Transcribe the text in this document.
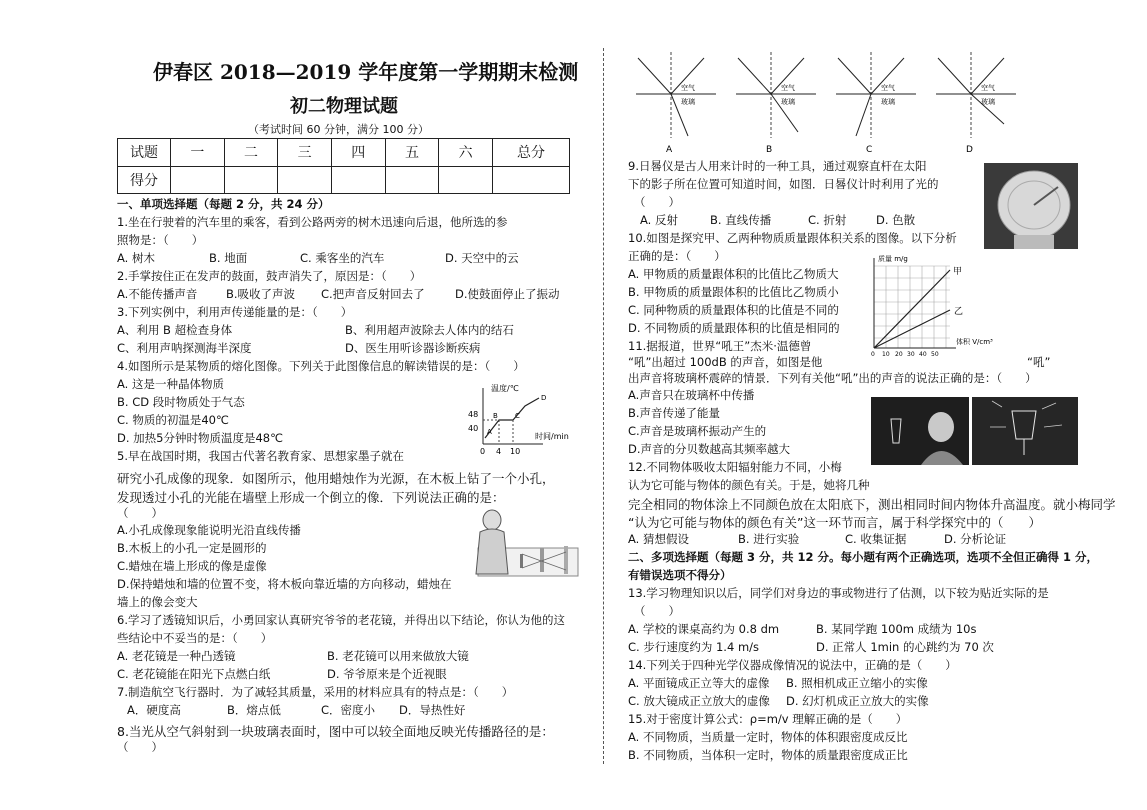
伊春区 2018—2019 学年度第一学期期末检测
初二物理试题
（考试时间 60 分钟，满分 100 分）
试题	一	二	三	四	五	六	总分
得分							
一、单项选择题（每题 2 分，共 24 分）
1.坐在行驶着的汽车里的乘客，看到公路两旁的树木迅速向后退，他所选的参
照物是：（　　）
A. 树木	B. 地面	C. 乘客坐的汽车	D. 天空中的云
2.手掌按住正在发声的鼓面，鼓声消失了，原因是：（　　）
A.不能传播声音 B.吸收了声波 C.把声音反射回去了	D.使鼓面停止了振动
3.下列实例中，利用声传递能量的是：（　　）
A、利用 B 超检查身体	B、利用超声波除去人体内的结石
C、利用声呐探测海半深度	D、医生用听诊器诊断疾病
4.如图所示是某物质的熔化图像。下列关于此图像信息的解读错误的是：（　　）
A. 这是一种晶体物质
B. CD 段时物质处于气态
C. 物质的初温是40℃
D. 加热5分钟时物质温度是48℃
温度/℃
48
40
0 4 10
时间/min
B C
D
A
5.早在战国时期，我国古代著名教育家、思想家墨子就在
研究小孔成像的现象．如图所示，他用蜡烛作为光源，在木板上钻了一个小孔，
发现透过小孔的光能在墙壁上形成一个倒立的像．下列说法正确的是：
（　　）
A.小孔成像现象能说明光沿直线传播
B.木板上的小孔一定是圆形的
C.蜡烛在墙上形成的像是虚像
D.保持蜡烛和墙的位置不变，将木板向靠近墙的方向移动，蜡烛在
墙上的像会变大
6.学习了透镜知识后，小勇回家认真研究爷爷的老花镜，并得出以下结论，你认为他的这
些结论中不妥当的是：（　　）
A. 老花镜是一种凸透镜	B. 老花镜可以用来做放大镜
C. 老花镜能在阳光下点燃白纸	D. 爷爷原来是个近视眼
7.制造航空飞行器时．为了减轻其质量，采用的材料应具有的特点是：（　　）
A．硬度高	B．熔点低	C．密度小 D．导热性好
8.当光从空气斜射到一块玻璃表面时，图中可以较全面地反映光传播路径的是：
（　　）
空气
玻璃
A
空气
玻璃
B
空气
玻璃
C
空气
玻璃
D
9.日晷仪是古人用来计时的一种工具，通过观察直杆在太阳
下的影子所在位置可知道时间，如图．日晷仪计时利用了光的
（　　）
A. 反射	B. 直线传播	C. 折射	D. 色散
10.如图是探究甲、乙两种物质质量跟体积关系的图像。以下分析
正确的是：（　　）
A. 甲物质的质量跟体积的比值比乙物质大
B. 甲物质的质量跟体积的比值比乙物质小
C. 同种物质的质量跟体积的比值是不同的
D. 不同物质的质量跟体积的比值是相同的
质量 m/g
甲
乙
体积 V/cm³
0 10 20 30 40 50
11.据报道，世界“吼王”杰米·温德曾
“吼”出超过 100dB 的声音，如图是他	“吼”
出声音将玻璃杯震碎的情景．下列有关他“吼”出的声音的说法正确的是：（　　）
A.声音只在玻璃杯中传播
B.声音传递了能量
C.声音是玻璃杯振动产生的
D.声音的分贝数越高其频率越大
12.不同物体吸收太阳辐射能力不同，小梅
认为它可能与物体的颜色有关。于是，她将几种
完全相同的物体涂上不同颜色放在太阳底下，测出相同时间内物体升高温度。就小梅同学
“认为它可能与物体的颜色有关”这一环节而言，属于科学探究中的（　　）
A. 猜想假设	B. 进行实验	C. 收集证据	D. 分析论证
二、多项选择题（每题 3 分，共 12 分。每小题有两个正确选项，选项不全但正确得 1 分，
有错误选项不得分）
13.学习物理知识以后，同学们对身边的事或物进行了估测，以下较为贴近实际的是
（　　）
A. 学校的课桌高约为 0.8 dm	B. 某同学跑 100m 成绩为 10s
C. 步行速度约为 1.4 m/s	D. 正常人 1min 的心跳约为 70 次
14.下列关于四种光学仪器成像情况的说法中，正确的是（　　）
A. 平面镜成正立等大的虚像 B. 照相机成正立缩小的实像
C. 放大镜成正立放大的虚像 D. 幻灯机成正立放大的实像
15.对于密度计算公式：ρ=m/v 理解正确的是（　　）
A. 不同物质，当质量一定时，物体的体积跟密度成反比
B. 不同物质，当体积一定时，物体的质量跟密度成正比
